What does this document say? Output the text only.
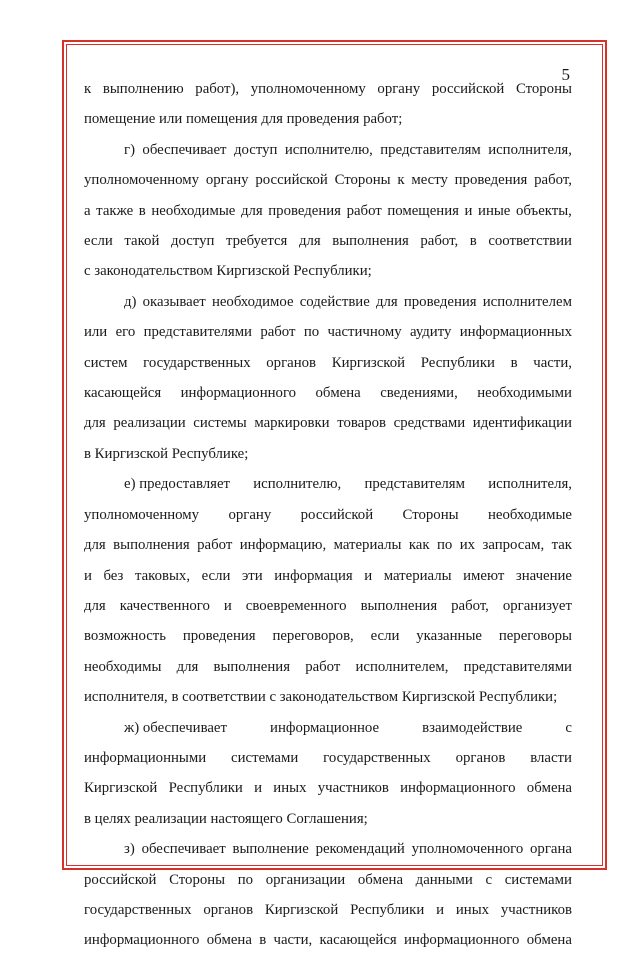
5
к выполнению работ), уполномоченному органу российской Стороны
помещение или помещения для проведения работ;
г) обеспечивает доступ исполнителю, представителям исполнителя,
уполномоченному органу российской Стороны к месту проведения работ,
а также в необходимые для проведения работ помещения и иные объекты,
если такой доступ требуется для выполнения работ, в соответствии
с законодательством Киргизской Республики;
д) оказывает необходимое содействие для проведения исполнителем
или его представителями работ по частичному аудиту информационных
систем государственных органов Киргизской Республики в части,
касающейся информационного обмена сведениями, необходимыми
для реализации системы маркировки товаров средствами идентификации
в Киргизской Республике;
е) предоставляет исполнителю, представителям исполнителя,
уполномоченному органу российской Стороны необходимые
для выполнения работ информацию, материалы как по их запросам, так
и без таковых, если эти информация и материалы имеют значение
для качественного и своевременного выполнения работ, организует
возможность проведения переговоров, если указанные переговоры
необходимы для выполнения работ исполнителем, представителями
исполнителя, в соответствии с законодательством Киргизской Республики;
ж) обеспечивает	информационное	взаимодействие	с
информационными системами государственных органов власти
Киргизской Республики и иных участников информационного обмена
в целях реализации настоящего Соглашения;
з) обеспечивает выполнение рекомендаций уполномоченного органа
российской Стороны по организации обмена данными с системами
государственных органов Киргизской Республики и иных участников
информационного обмена в части, касающейся информационного обмена
